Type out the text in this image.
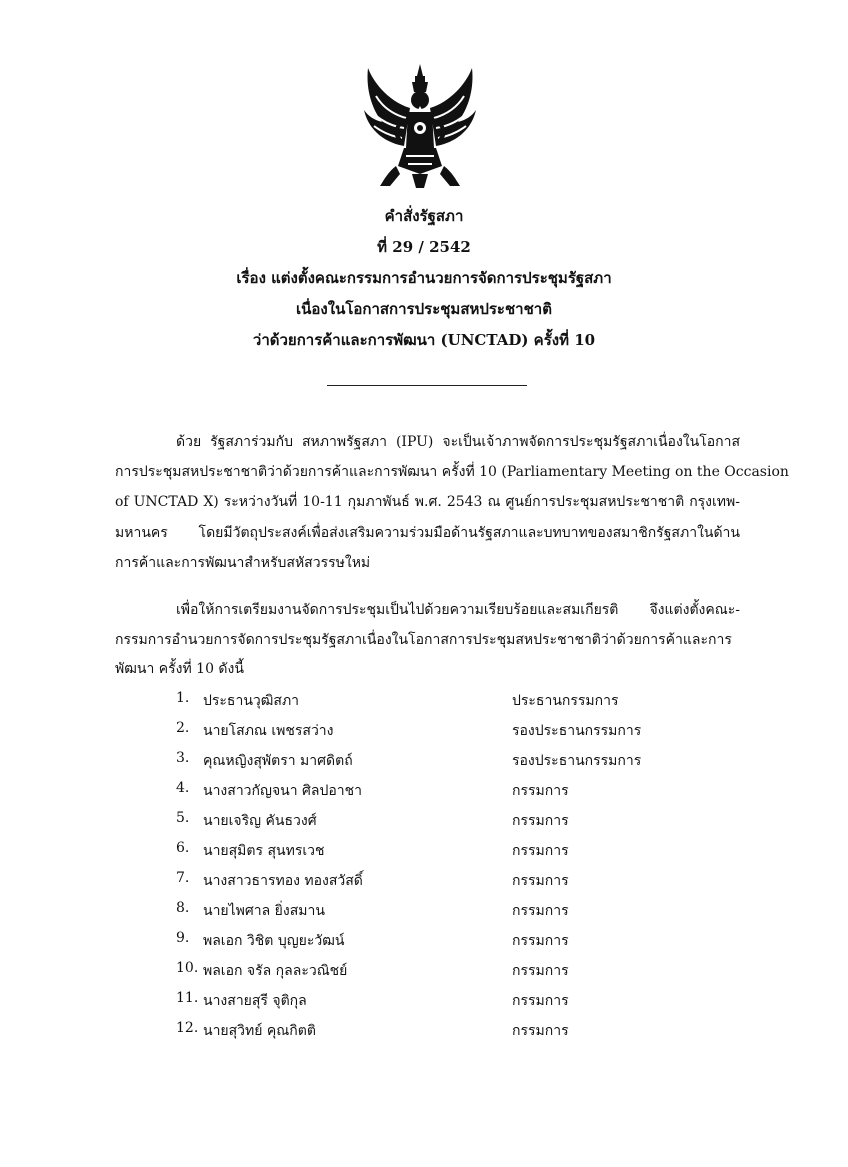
คำสั่งรัฐสภา
ที่ 29 / 2542
เรื่อง แต่งตั้งคณะกรรมการอำนวยการจัดการประชุมรัฐสภา
เนื่องในโอกาสการประชุมสหประชาชาติ
ว่าด้วยการค้าและการพัฒนา (UNCTAD) ครั้งที่ 10
ด้วย รัฐสภาร่วมกับ สหภาพรัฐสภา (IPU) จะเป็นเจ้าภาพจัดการประชุมรัฐสภาเนื่องในโอกาส
การประชุมสหประชาชาติว่าด้วยการค้าและการพัฒนา ครั้งที่ 10 (Parliamentary Meeting on the Occasion
of UNCTAD X) ระหว่างวันที่ 10-11 กุมภาพันธ์ พ.ศ. 2543 ณ ศูนย์การประชุมสหประชาชาติ กรุงเทพ-
มหานคร โดยมีวัตถุประสงค์เพื่อส่งเสริมความร่วมมือด้านรัฐสภาและบทบาทของสมาชิกรัฐสภาในด้าน
การค้าและการพัฒนาสำหรับสหัสวรรษใหม่
เพื่อให้การเตรียมงานจัดการประชุมเป็นไปด้วยความเรียบร้อยและสมเกียรติ จึงแต่งตั้งคณะ-
กรรมการอำนวยการจัดการประชุมรัฐสภาเนื่องในโอกาสการประชุมสหประชาชาติว่าด้วยการค้าและการ
พัฒนา ครั้งที่ 10 ดังนี้
1. ประธานวุฒิสภา	ประธานกรรมการ
2. นายโสภณ เพชรสว่าง	รองประธานกรรมการ
3. คุณหญิงสุพัตรา มาศดิตถ์	รองประธานกรรมการ
4. นางสาวกัญจนา ศิลปอาชา	กรรมการ
5. นายเจริญ คันธวงศ์	กรรมการ
6. นายสุมิตร สุนทรเวช	กรรมการ
7. นางสาวธารทอง ทองสวัสดิ์	กรรมการ
8. นายไพศาล ยิ่งสมาน	กรรมการ
9. พลเอก วิชิต บุญยะวัฒน์	กรรมการ
10. พลเอก จรัล กุลละวณิชย์	กรรมการ
11. นางสายสุรี จุติกุล	กรรมการ
12. นายสุวิทย์ คุณกิตติ	กรรมการ
